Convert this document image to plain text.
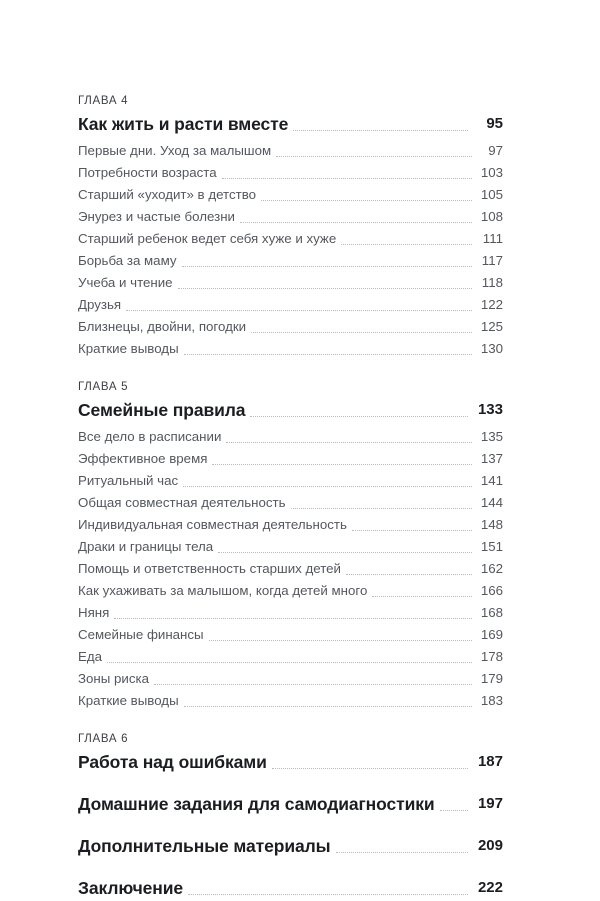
ГЛАВА 4
Как жить и расти вместе	95
Первые дни. Уход за малышом	97
Потребности возраста	103
Старший «уходит» в детство	105
Энурез и частые болезни	108
Старший ребенок ведет себя хуже и хуже	111
Борьба за маму	117
Учеба и чтение	118
Друзья	122
Близнецы, двойни, погодки	125
Краткие выводы	130
ГЛАВА 5
Семейные правила	133
Все дело в расписании	135
Эффективное время	137
Ритуальный час	141
Общая совместная деятельность	144
Индивидуальная совместная деятельность	148
Драки и границы тела	151
Помощь и ответственность старших детей	162
Как ухаживать за малышом, когда детей много	166
Няня	168
Семейные финансы	169
Еда	178
Зоны риска	179
Краткие выводы	183
ГЛАВА 6
Работа над ошибками	187
Домашние задания для самодиагностики	197
Дополнительные материалы	209
Заключение	222
